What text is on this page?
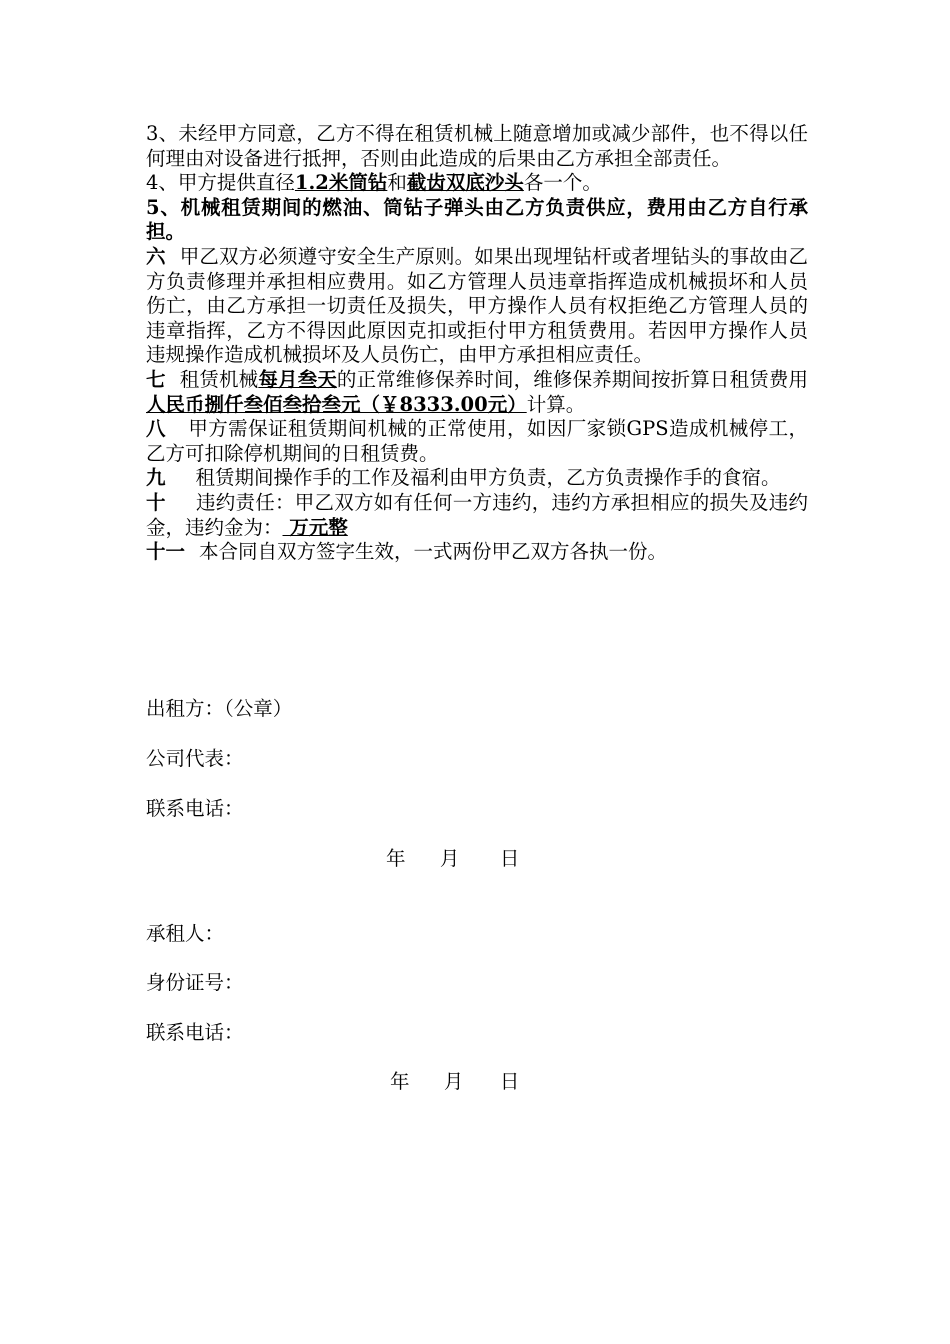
3、未经甲方同意，乙方不得在租赁机械上随意增加或减少部件，也不得以任何理由对设备进行抵押，否则由此造成的后果由乙方承担全部责任。

4、甲方提供直径1.2米筒钻和截齿双底沙头各一个。

5、机械租赁期间的燃油、筒钻子弹头由乙方负责供应，费用由乙方自行承担。

六 甲乙双方必须遵守安全生产原则。如果出现埋钻杆或者埋钻头的事故由乙方负责修理并承担相应费用。如乙方管理人员违章指挥造成机械损坏和人员伤亡，由乙方承担一切责任及损失，甲方操作人员有权拒绝乙方管理人员的违章指挥，乙方不得因此原因克扣或拒付甲方租赁费用。若因甲方操作人员违规操作造成机械损坏及人员伤亡，由甲方承担相应责任。

七 租赁机械每月叁天的正常维修保养时间，维修保养期间按折算日租赁费用 人民币捌仟叁佰叁拾叁元（￥8333.00元）计算。

八 甲方需保证租赁期间机械的正常使用，如因厂家锁GPS造成机械停工，乙方可扣除停机期间的日租赁费。

九 租赁期间操作手的工作及福利由甲方负责，乙方负责操作手的食宿。

十 违约责任：甲乙双方如有任何一方违约，违约方承担相应的损失及违约金，违约金为： 万元整

十一 本合同自双方签字生效，一式两份甲乙双方各执一份。

出租方：（公章）

公司代表：

联系电话：

年 月 日

承租人：

身份证号：

联系电话：

年 月 日
